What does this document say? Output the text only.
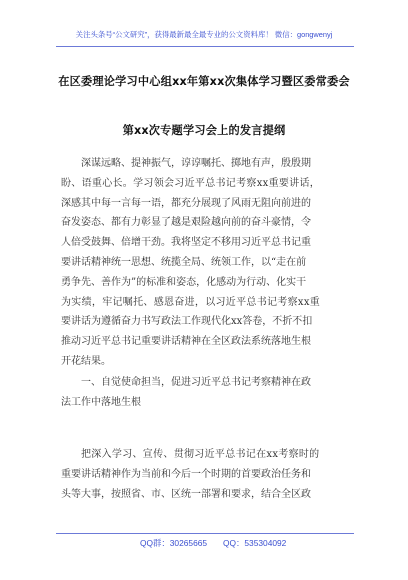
关注头条号“公文研究”，获得最新最全最专业的公文资料库！ 微信：gongwenyj
在区委理论学习中心组xx年第xx次集体学习暨区委常委会
第xx次专题学习会上的发言提纲
深谋远略、提神振气，谆谆嘱托、掷地有声，殷殷期
盼、语重心长。学习领会习近平总书记考察xx重要讲话，
深感其中每一言每一语，都充分展现了风雨无阻向前进的
奋发姿态、都有力彰显了越是艰险越向前的奋斗豪情，令
人倍受鼓舞、倍增干劲。我将坚定不移用习近平总书记重
要讲话精神统一思想、统揽全局、统领工作，以“走在前
勇争先、善作为”的标准和姿态，化感动为行动、化实干
为实绩，牢记嘱托、感恩奋进，以习近平总书记考察xx重
要讲话为遵循奋力书写政法工作现代化xx答卷，不折不扣
推动习近平总书记重要讲话精神在全区政法系统落地生根
开花结果。
一、自觉使命担当，促进习近平总书记考察精神在政
法工作中落地生根
把深入学习、宣传、贯彻习近平总书记在xx考察时的
重要讲话精神作为当前和今后一个时期的首要政治任务和
头等大事，按照省、市、区统一部署和要求，结合全区政
QQ群：30265665 QQ：535304092
